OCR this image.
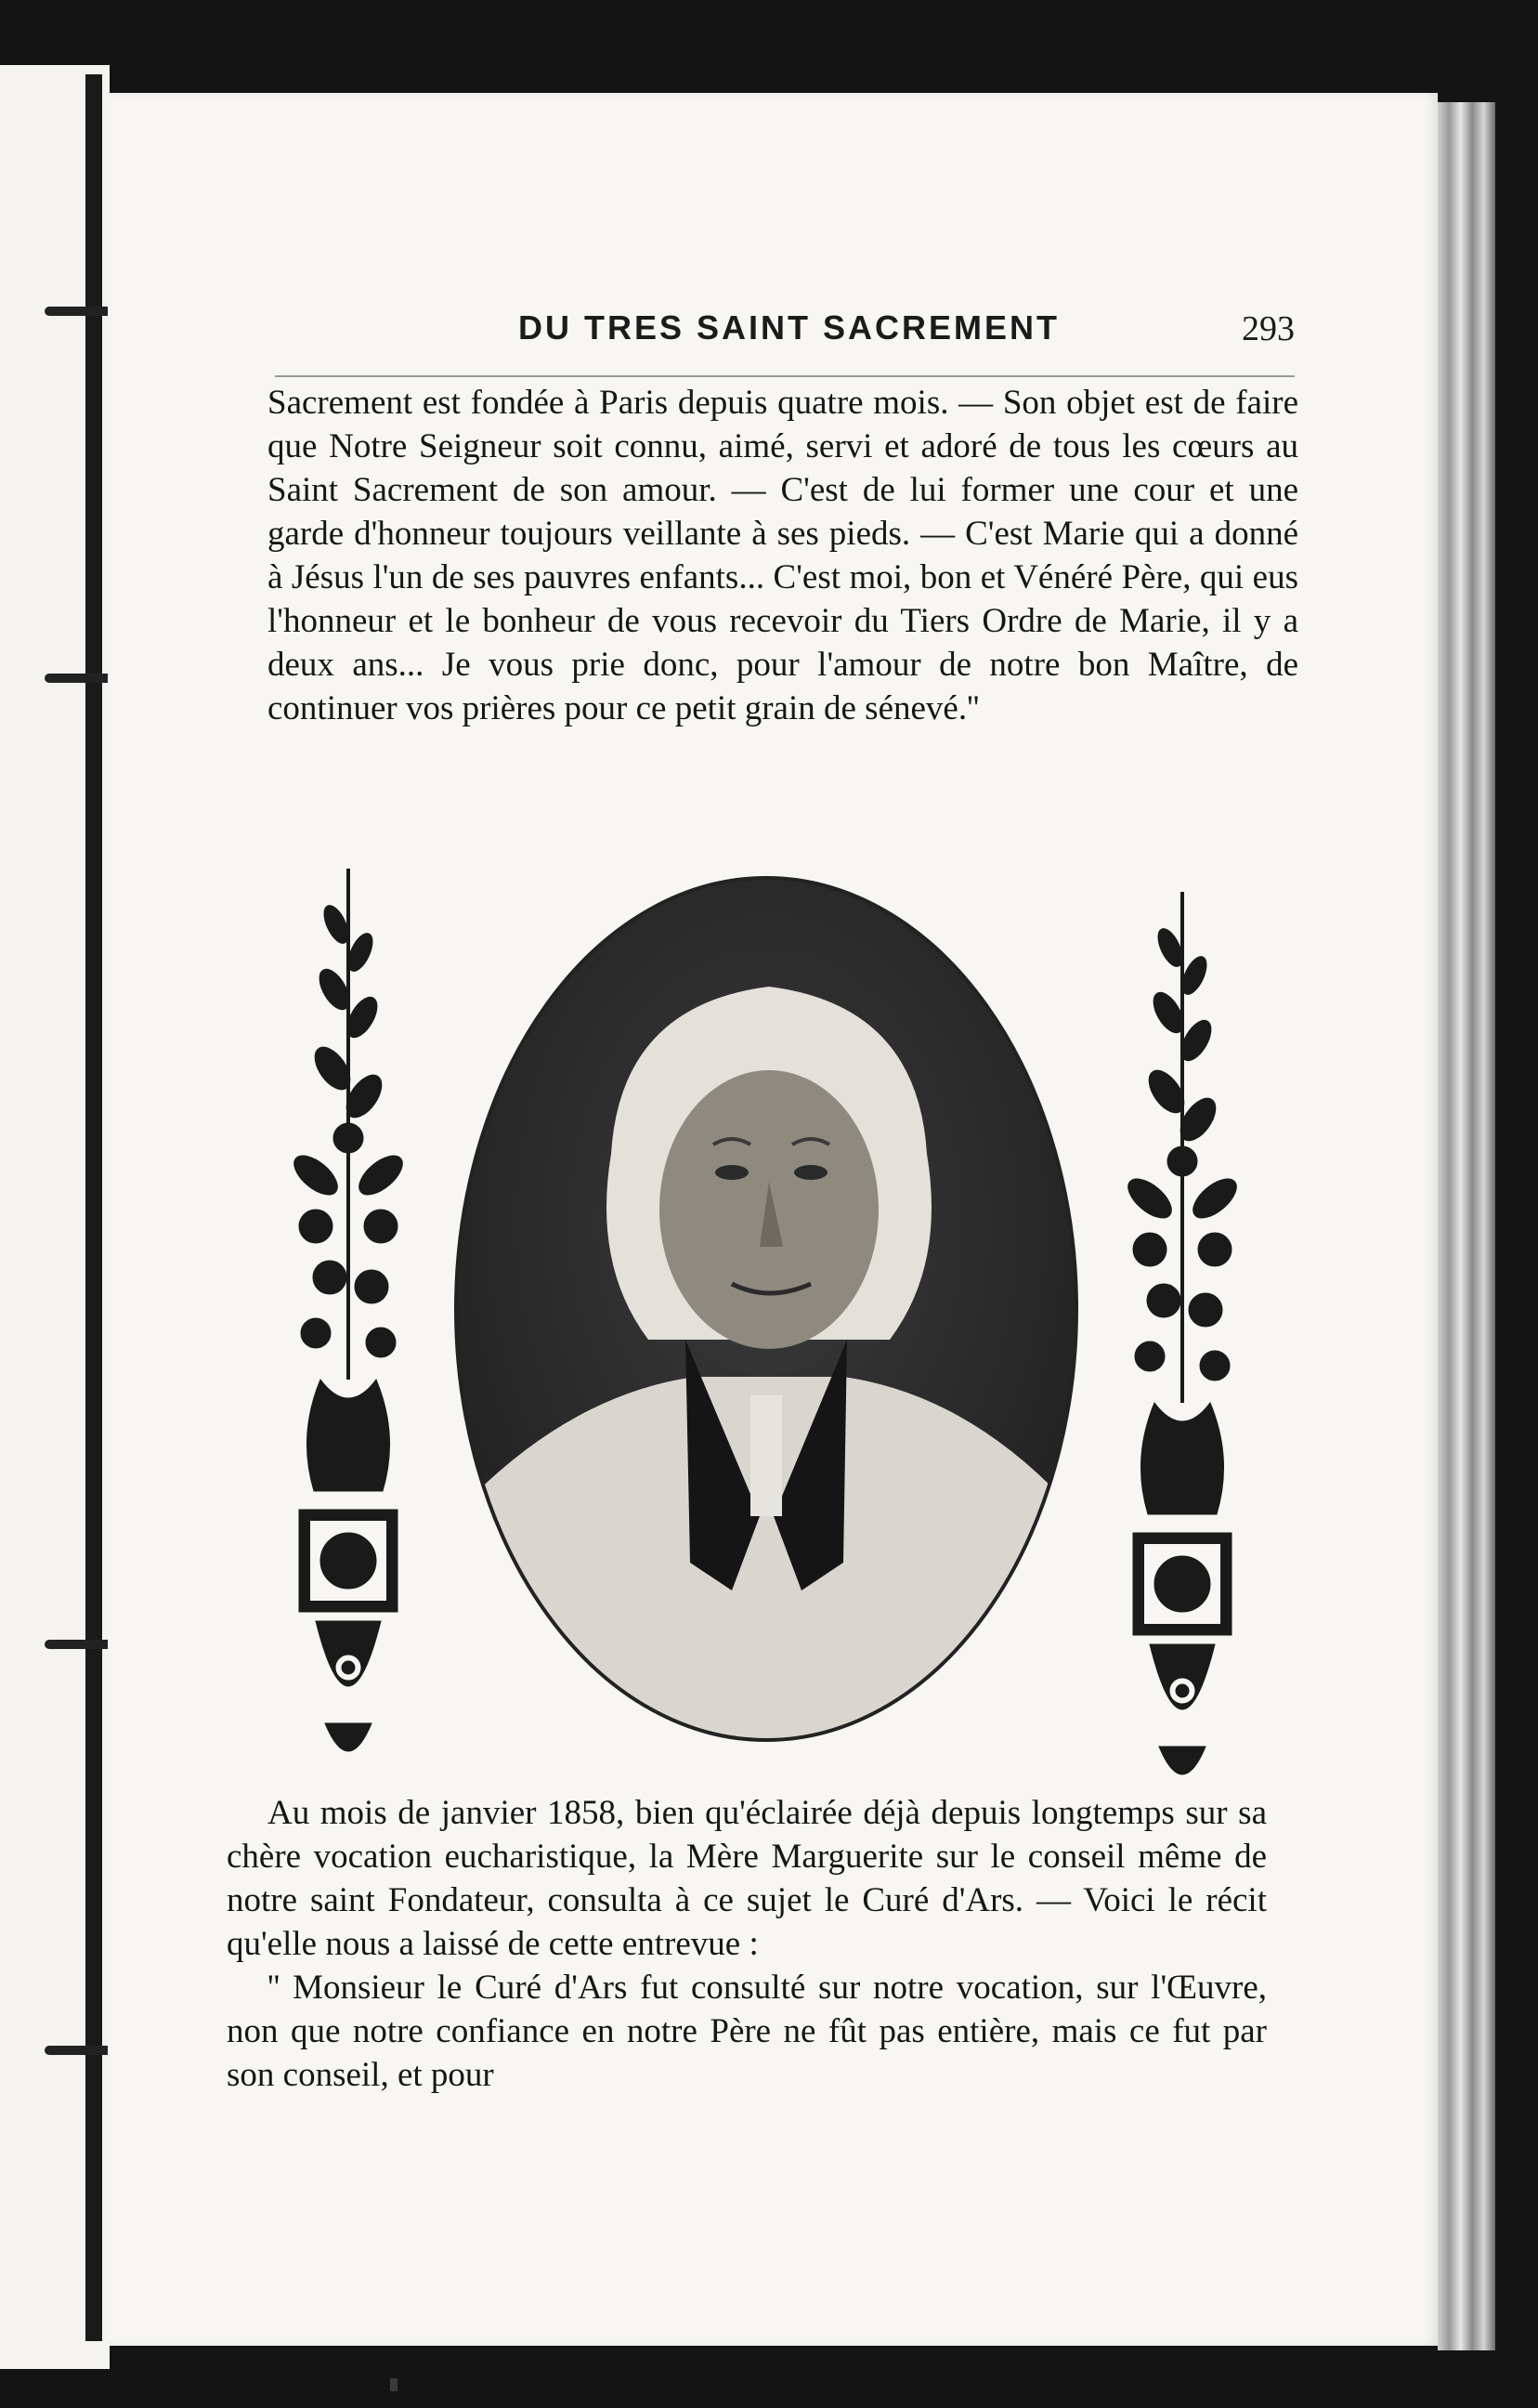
DU TRES SAINT SACREMENT	293

Sacrement est fondée à Paris depuis quatre mois. — Son objet est de faire que Notre Seigneur soit connu, aimé, servi et adoré de tous les cœurs au Saint Sacrement de son amour. — C'est de lui former une cour et une garde d'honneur toujours veillante à ses pieds. — C'est Marie qui a donné à Jésus l'un de ses pauvres enfants... C'est moi, bon et Vénéré Père, qui eus l'honneur et le bonheur de vous recevoir du Tiers Ordre de Marie, il y a deux ans... Je vous prie donc, pour l'amour de notre bon Maître, de continuer vos prières pour ce petit grain de sénevé.''

Au mois de janvier 1858, bien qu'éclairée déjà depuis longtemps sur sa chère vocation eucharistique, la Mère Marguerite sur le conseil même de notre saint Fondateur, consulta à ce sujet le Curé d'Ars. — Voici le récit qu'elle nous a laissé de cette entrevue :

'' Monsieur le Curé d'Ars fut consulté sur notre vocation, sur l'Œuvre, non que notre confiance en notre Père ne fût pas entière, mais ce fut par son conseil, et pour
